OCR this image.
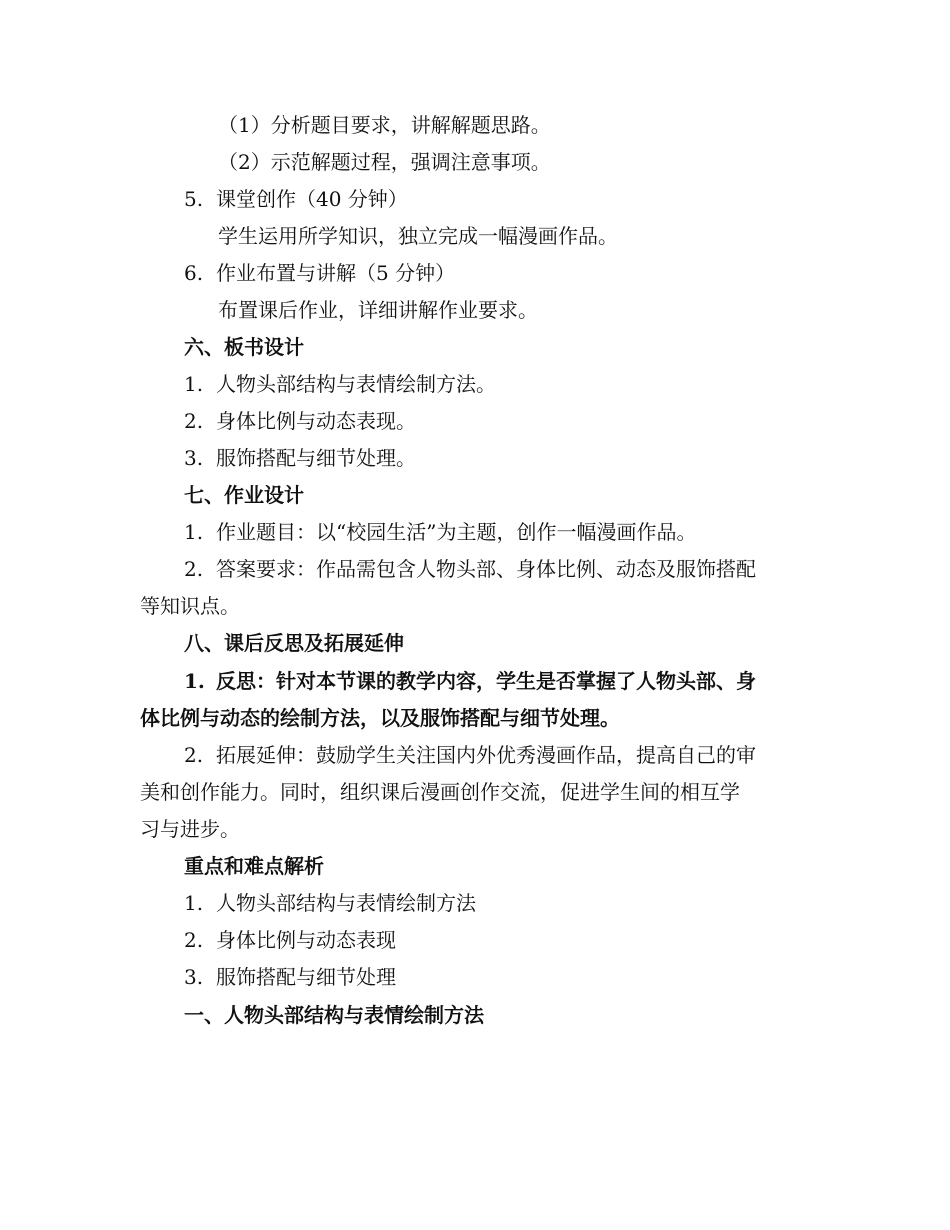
（1）分析题目要求，讲解解题思路。
（2）示范解题过程，强调注意事项。
5. 课堂创作（40 分钟）
学生运用所学知识，独立完成一幅漫画作品。
6. 作业布置与讲解（5 分钟）
布置课后作业，详细讲解作业要求。
六、板书设计
1. 人物头部结构与表情绘制方法。
2. 身体比例与动态表现。
3. 服饰搭配与细节处理。
七、作业设计
1. 作业题目：以“校园生活”为主题，创作一幅漫画作品。
2. 答案要求：作品需包含人物头部、身体比例、动态及服饰搭配
等知识点。
八、课后反思及拓展延伸
1. 反思：针对本节课的教学内容，学生是否掌握了人物头部、身
体比例与动态的绘制方法，以及服饰搭配与细节处理。
2. 拓展延伸：鼓励学生关注国内外优秀漫画作品，提高自己的审
美和创作能力。同时，组织课后漫画创作交流，促进学生间的相互学
习与进步。
重点和难点解析
1. 人物头部结构与表情绘制方法
2. 身体比例与动态表现
3. 服饰搭配与细节处理
一、人物头部结构与表情绘制方法
